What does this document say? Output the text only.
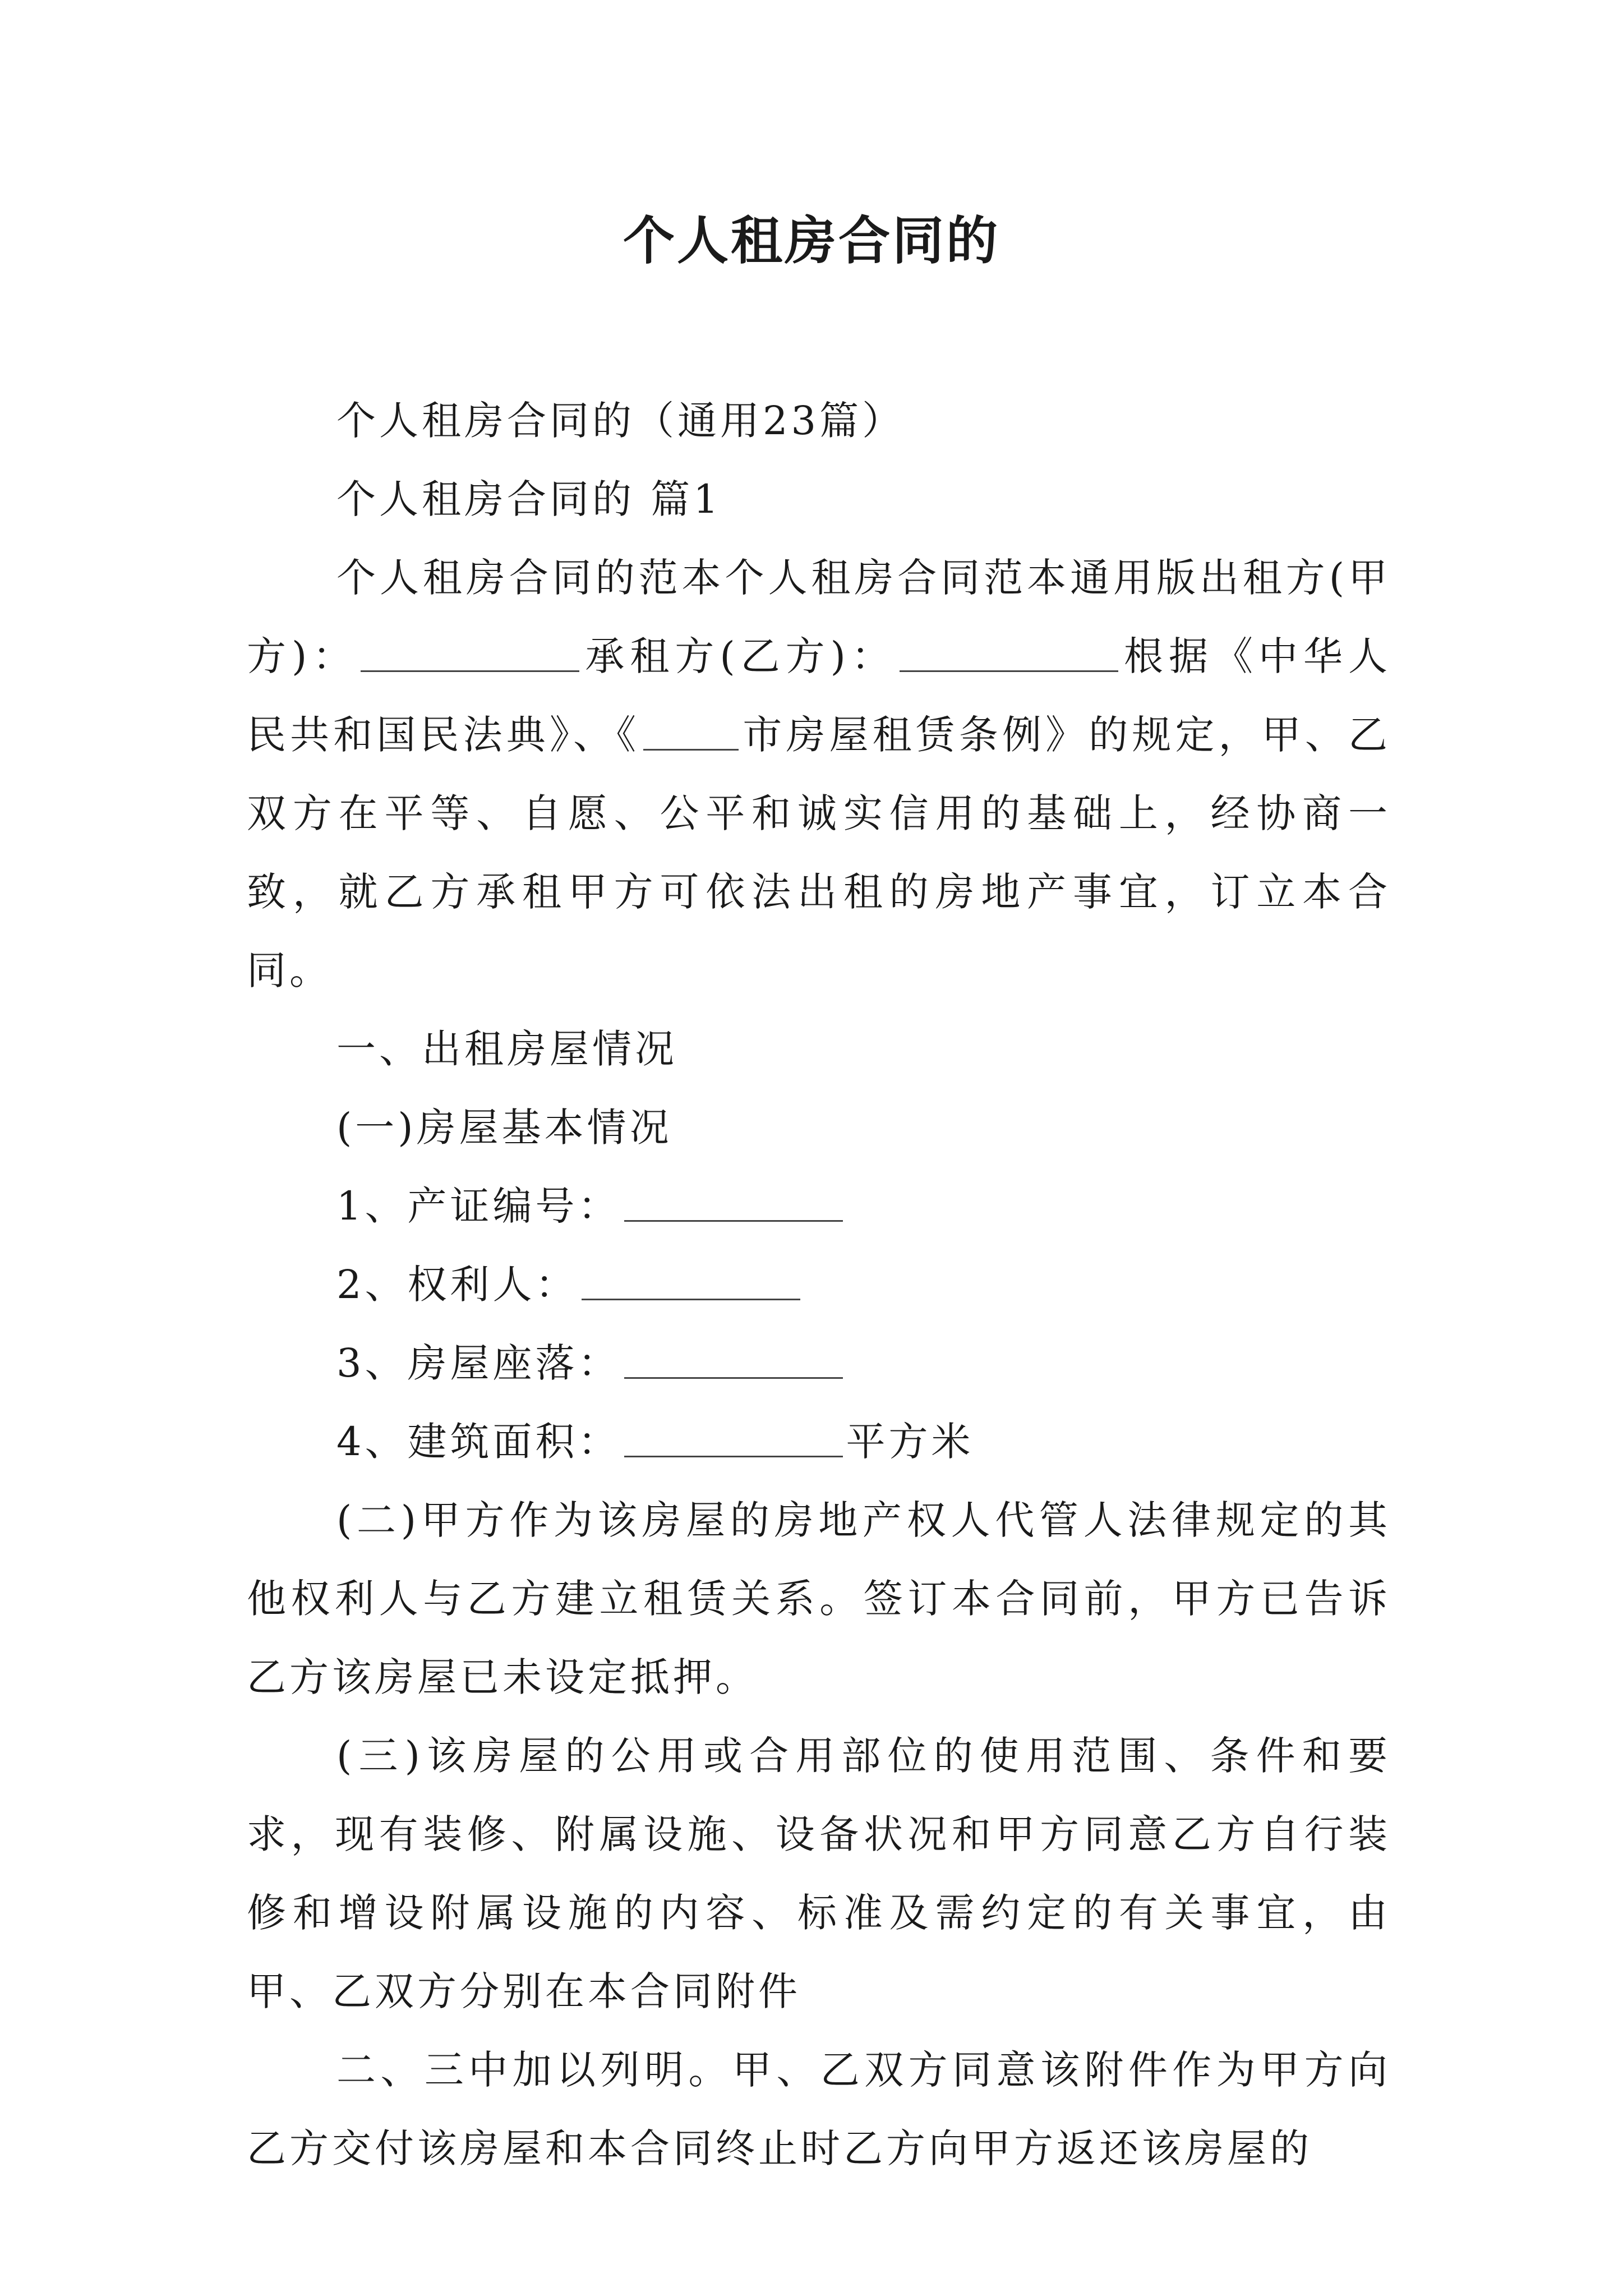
个人租房合同的

个人租房合同的（通用23篇）

个人租房合同的 篇1

个人租房合同的范本个人租房合同范本通用版出租方(甲方)：	承租方(乙方)：	根据《中华人民共和国民法典》、《	市房屋租赁条例》的规定，甲、乙双方在平等、自愿、公平和诚实信用的基础上，经协商一致，就乙方承租甲方可依法出租的房地产事宜，订立本合同。

一、出租房屋情况

(一)房屋基本情况

1、产证编号：

2、权利人：

3、房屋座落：

4、建筑面积：	平方米

(二)甲方作为该房屋的房地产权人代管人法律规定的其他权利人与乙方建立租赁关系。签订本合同前，甲方已告诉乙方该房屋已未设定抵押。

(三)该房屋的公用或合用部位的使用范围、条件和要求，现有装修、附属设施、设备状况和甲方同意乙方自行装修和增设附属设施的内容、标准及需约定的有关事宜，由甲、乙双方分别在本合同附件

二、三中加以列明。甲、乙双方同意该附件作为甲方向乙方交付该房屋和本合同终止时乙方向甲方返还该房屋的
